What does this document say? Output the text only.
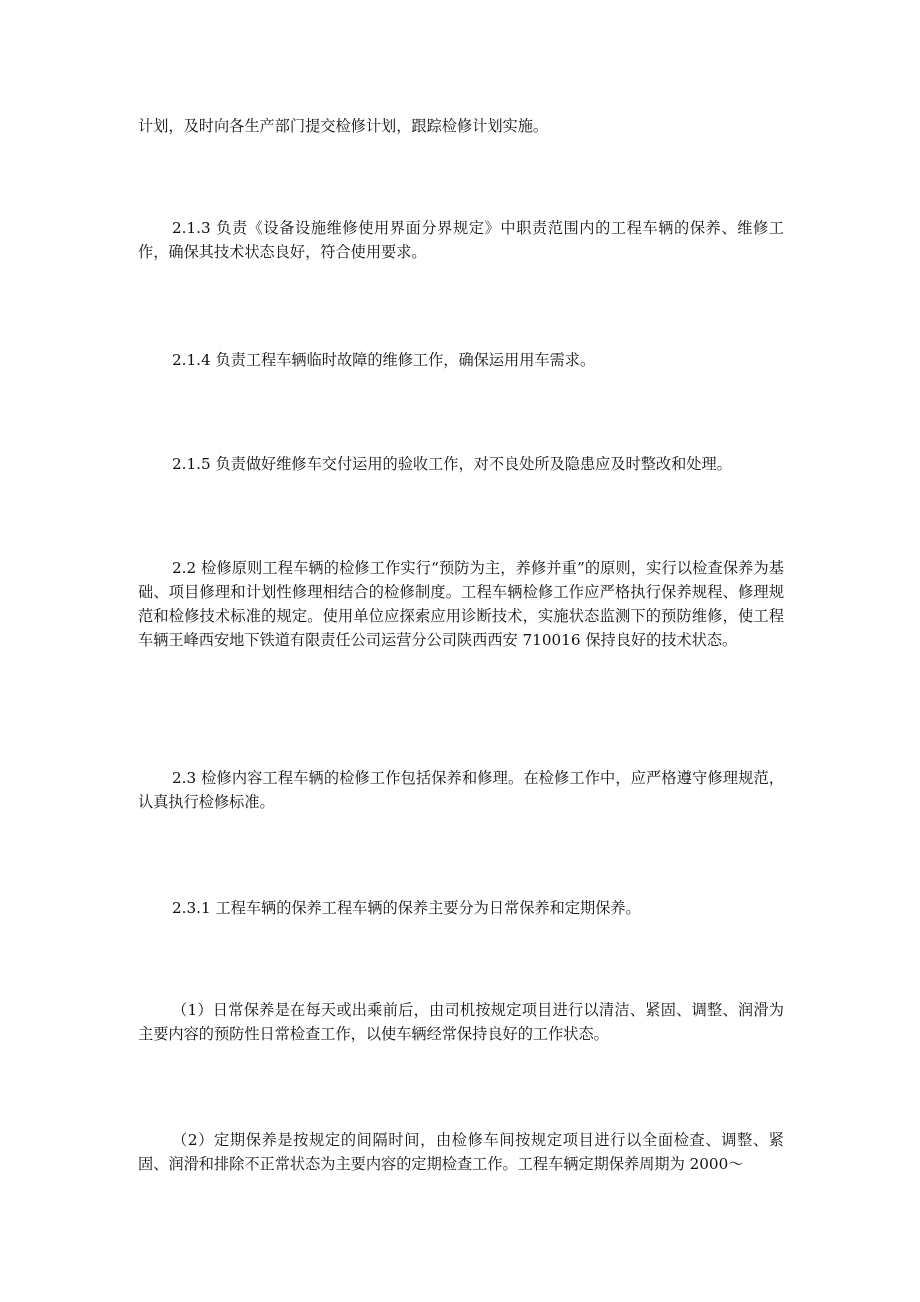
计划，及时向各生产部门提交检修计划，跟踪检修计划实施。

2.1.3 负责《设备设施维修使用界面分界规定》中职责范围内的工程车辆的保养、维修工作，确保其技术状态良好，符合使用要求。

2.1.4 负责工程车辆临时故障的维修工作，确保运用用车需求。

2.1.5 负责做好维修车交付运用的验收工作，对不良处所及隐患应及时整改和处理。

2.2 检修原则工程车辆的检修工作实行“预防为主，养修并重”的原则，实行以检查保养为基础、项目修理和计划性修理相结合的检修制度。工程车辆检修工作应严格执行保养规程、修理规范和检修技术标准的规定。使用单位应探索应用诊断技术，实施状态监测下的预防维修，使工程车辆王峰西安地下铁道有限责任公司运营分公司陕西西安 710016 保持良好的技术状态。

2.3 检修内容工程车辆的检修工作包括保养和修理。在检修工作中，应严格遵守修理规范，认真执行检修标准。

2.3.1 工程车辆的保养工程车辆的保养主要分为日常保养和定期保养。

（1）日常保养是在每天或出乘前后，由司机按规定项目进行以清洁、紧固、调整、润滑为主要内容的预防性日常检查工作，以使车辆经常保持良好的工作状态。

（2）定期保养是按规定的间隔时间，由检修车间按规定项目进行以全面检查、调整、紧固、润滑和排除不正常状态为主要内容的定期检查工作。工程车辆定期保养周期为 2000～
